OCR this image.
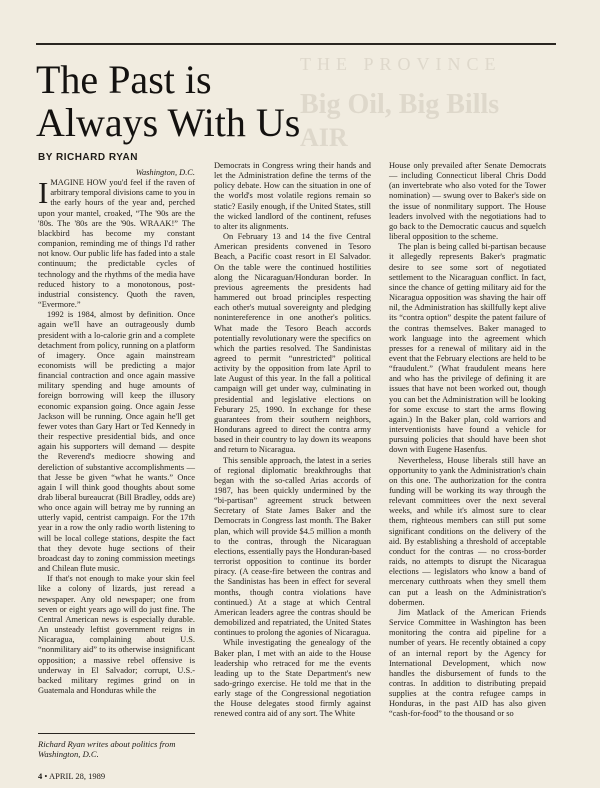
THE PROVINCE
Big Oil, Big Bills
AIR
The Past is Always With Us
BY RICHARD RYAN
Washington, D.C.

IMAGINE HOW you'd feel if the raven of arbitrary temporal divisions came to you in the early hours of the year and, perched upon your mantel, croaked, “The '90s are the '80s. The '80s are the '90s. WRAAK!” The blackbird has become my constant companion, reminding me of things I'd rather not know. Our public life has faded into a stale continuum; the predictable cycles of technology and the rhythms of the media have reduced history to a monotonous, post-industrial consistency. Quoth the raven, “Evermore.”

1992 is 1984, almost by definition. Once again we'll have an outrageously dumb president with a lo-calorie grin and a complete detachment from policy, running on a platform of imagery. Once again mainstream economists will be predicting a major financial contraction and once again massive military spending and huge amounts of foreign borrowing will keep the illusory economic expansion going. Once again Jesse Jackson will be running. Once again he'll get fewer votes than Gary Hart or Ted Kennedy in their respective presidential bids, and once again his supporters will demand — despite the Reverend's mediocre showing and dereliction of substantive accomplishments — that Jesse be given “what he wants.” Once again I will think good thoughts about some drab liberal bureaucrat (Bill Bradley, odds are) who once again will betray me by running an utterly vapid, centrist campaign. For the 17th year in a row the only radio worth listening to will be local college stations, despite the fact that they devote huge sections of their broadcast day to zoning commission meetings and Chilean flute music.

If that's not enough to make your skin feel like a colony of lizards, just reread a newspaper. Any old newspaper; one from seven or eight years ago will do just fine. The Central American news is especially durable. An unsteady leftist government reigns in Nicaragua, complaining about U.S. “nonmilitary aid” to its otherwise insignificant opposition; a massive rebel offensive is underway in El Salvador; corrupt, U.S.-backed military regimes grind on in Guatemala and Honduras while the

Richard Ryan writes about politics from Washington, D.C.

Democrats in Congress wring their hands and let the Administration define the terms of the policy debate. How can the situation in one of the world's most volatile regions remain so static? Easily enough, if the United States, still the wicked landlord of the continent, refuses to alter its alignments.

On February 13 and 14 the five Central American presidents convened in Tesoro Beach, a Pacific coast resort in El Salvador. On the table were the continued hostilities along the Nicaraguan/Honduran border. In previous agreements the presidents had hammered out broad principles respecting each other's mutual sovereignty and pledging nonintereference in one another's politics. What made the Tesoro Beach accords potentially revolutionary were the specifics on which the parties resolved. The Sandinistas agreed to permit “unrestricted” political activity by the opposition from late April to late August of this year. In the fall a political campaign will get under way, culminating in presidential and legislative elections on Feburary 25, 1990. In exchange for these guarantees from their southern neighbors, Hondurans agreed to direct the contra army based in their country to lay down its weapons and return to Nicaragua.

This sensible approach, the latest in a series of regional diplomatic breakthroughs that began with the so-called Arias accords of 1987, has been quickly undermined by the “bi-partisan” agreement struck between Secretary of State James Baker and the Democrats in Congress last month. The Baker plan, which will provide $4.5 million a month to the contras, through the Nicaraguan elections, essentially pays the Honduran-based terrorist opposition to continue its border piracy. (A cease-fire between the contras and the Sandinistas has been in effect for several months, though contra violations have continued.) At a stage at which Central American leaders agree the contras should be demobilized and repatriated, the United States continues to prolong the agonies of Nicaragua.

While investigating the genealogy of the Baker plan, I met with an aide to the House leadership who retraced for me the events leading up to the State Department's new sado-gringo exercise. He told me that in the early stage of the Congressional negotiation the House delegates stood firmly against renewed contra aid of any sort. The White

House only prevailed after Senate Democrats — including Connecticut liberal Chris Dodd (an invertebrate who also voted for the Tower nomination) — swung over to Baker's side on the issue of nonmilitary support. The House leaders involved with the negotiations had to go back to the Democratic caucus and squelch liberal opposition to the scheme.

The plan is being called bi-partisan because it allegedly represents Baker's pragmatic desire to see some sort of negotiated settlement to the Nicaraguan conflict. In fact, since the chance of getting military aid for the Nicaragua opposition was shaving the hair off nil, the Administration has skillfully kept alive its “contra option” despite the patent failure of the contras themselves. Baker managed to work language into the agreement which presses for a renewal of military aid in the event that the February elections are held to be “fraudulent.” (What fraudulent means here and who has the privilege of defining it are issues that have not been worked out, though you can bet the Administration will be looking for some excuse to start the arms flowing again.) In the Baker plan, cold warriors and interventionists have found a vehicle for pursuing policies that should have been shot down with Eugene Hasenfus.

Nevertheless, House liberals still have an opportunity to yank the Administration's chain on this one. The authorization for the contra funding will be working its way through the relevant committees over the next several weeks, and while it's almost sure to clear them, righteous members can still put some significant conditions on the delivery of the aid. By establishing a threshold of acceptable conduct for the contras — no cross-border raids, no attempts to disrupt the Nicaragua elections — legislators who know a band of mercenary cutthroats when they smell them can put a leash on the Administration's dobermen.

Jim Matlack of the American Friends Service Committee in Washington has been monitoring the contra aid pipeline for a number of years. He recently obtained a copy of an internal report by the Agency for International Development, which now handles the disbursement of funds to the contras. In addition to distributing prepaid supplies at the contra refugee camps in Honduras, in the past AID has also given “cash-for-food” to the thousand or so

4 • APRIL 28, 1989
